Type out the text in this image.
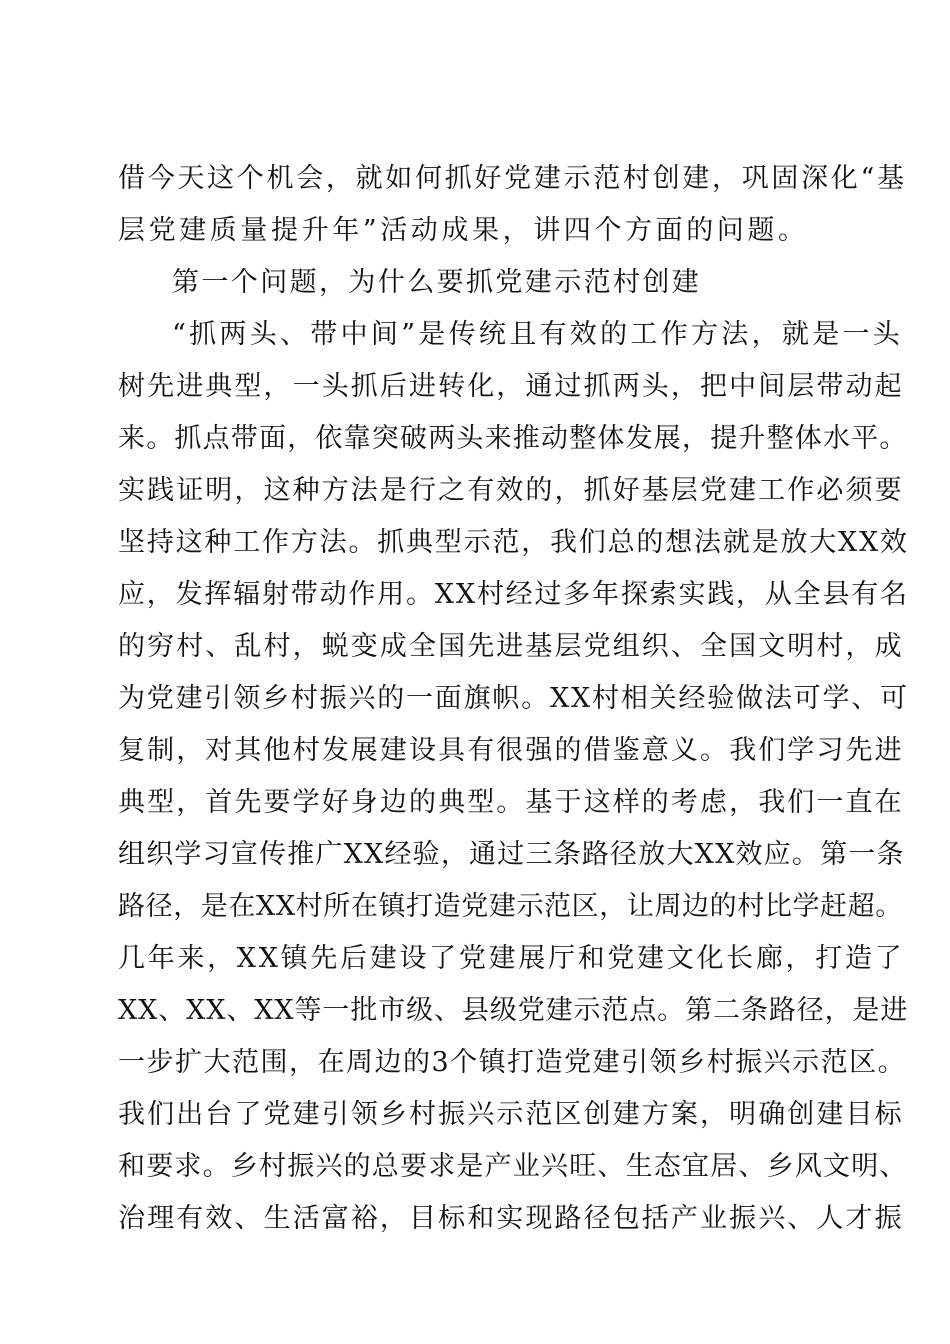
借今天这个机会，就如何抓好党建示范村创建，巩固深化“基
层党建质量提升年”活动成果，讲四个方面的问题。
第一个问题，为什么要抓党建示范村创建
“抓两头、带中间”是传统且有效的工作方法，就是一头
树先进典型，一头抓后进转化，通过抓两头，把中间层带动起
来。抓点带面，依靠突破两头来推动整体发展，提升整体水平。
实践证明，这种方法是行之有效的，抓好基层党建工作必须要
坚持这种工作方法。抓典型示范，我们总的想法就是放大XX效
应，发挥辐射带动作用。XX村经过多年探索实践，从全县有名
的穷村、乱村，蜕变成全国先进基层党组织、全国文明村，成
为党建引领乡村振兴的一面旗帜。XX村相关经验做法可学、可
复制，对其他村发展建设具有很强的借鉴意义。我们学习先进
典型，首先要学好身边的典型。基于这样的考虑，我们一直在
组织学习宣传推广XX经验，通过三条路径放大XX效应。第一条
路径，是在XX村所在镇打造党建示范区，让周边的村比学赶超。
几年来，XX镇先后建设了党建展厅和党建文化长廊，打造了
XX、XX、XX等一批市级、县级党建示范点。第二条路径，是进
一步扩大范围，在周边的3个镇打造党建引领乡村振兴示范区。
我们出台了党建引领乡村振兴示范区创建方案，明确创建目标
和要求。乡村振兴的总要求是产业兴旺、生态宜居、乡风文明、
治理有效、生活富裕，目标和实现路径包括产业振兴、人才振
